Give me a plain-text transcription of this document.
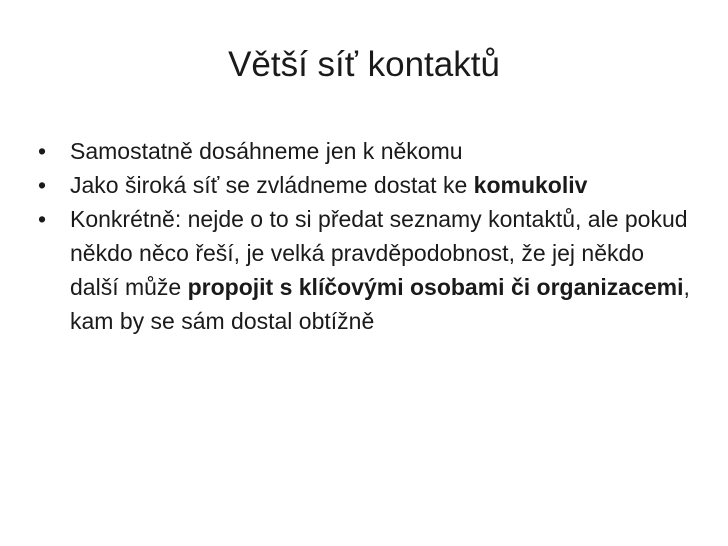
Větší síť kontaktů
•	Samostatně dosáhneme jen k někomu
•	Jako široká síť se zvládneme dostat ke komukoliv
•	Konkrétně: nejde o to si předat seznamy kontaktů, ale pokud někdo něco řeší, je velká pravděpodobnost, že jej někdo další může propojit s klíčovými osobami či organizacemi, kam by se sám dostal obtížně
